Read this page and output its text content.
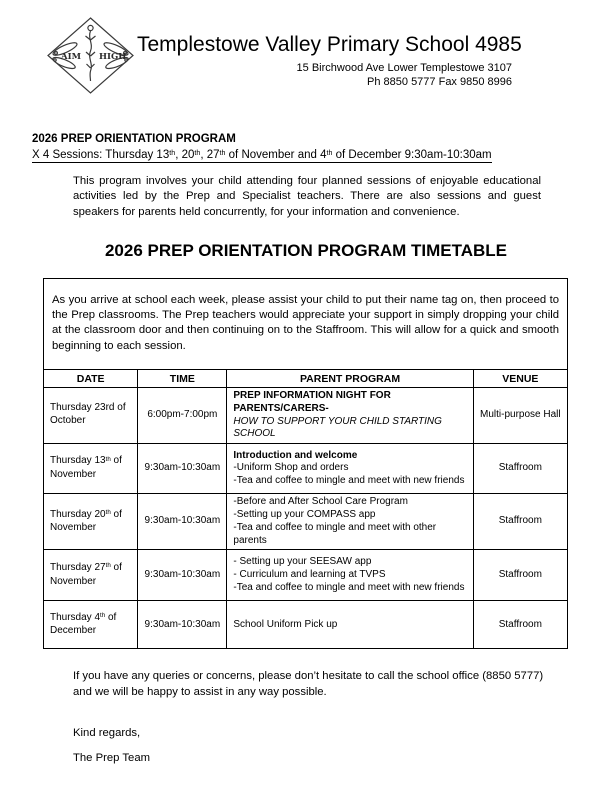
AIM HIGH
Templestowe Valley Primary School 4985
15 Birchwood Ave Lower Templestowe 3107
Ph 8850 5777 Fax 9850 8996
2026 PREP ORIENTATION PROGRAM
X 4 Sessions: Thursday 13th, 20th, 27th of November and 4th of December 9:30am-10:30am

This program involves your child attending four planned sessions of enjoyable educational activities led by the Prep and Specialist teachers. There are also sessions and guest speakers for parents held concurrently, for your information and convenience.

2026 PREP ORIENTATION PROGRAM TIMETABLE

As you arrive at school each week, please assist your child to put their name tag on, then proceed to the Prep classrooms. The Prep teachers would appreciate your support in simply dropping your child at the classroom door and then continuing on to the Staffroom. This will allow for a quick and smooth beginning to each session.

DATE	TIME	PARENT PROGRAM	VENUE
Thursday 23rd of October	6:00pm-7:00pm	PREP INFORMATION NIGHT FOR PARENTS/CARERS-
HOW TO SUPPORT YOUR CHILD STARTING SCHOOL	Multi-purpose Hall
Thursday 13th of November	9:30am-10:30am	Introduction and welcome
-Uniform Shop and orders
-Tea and coffee to mingle and meet with new friends	Staffroom
Thursday 20th of November	9:30am-10:30am	-Before and After School Care Program
-Setting up your COMPASS app
-Tea and coffee to mingle and meet with other parents	Staffroom
Thursday 27th of November	9:30am-10:30am	- Setting up your SEESAW app
- Curriculum and learning at TVPS
-Tea and coffee to mingle and meet with new friends	Staffroom
Thursday 4th of December	9:30am-10:30am	School Uniform Pick up	Staffroom

If you have any queries or concerns, please don’t hesitate to call the school office (8850 5777) and we will be happy to assist in any way possible.

Kind regards,

The Prep Team
